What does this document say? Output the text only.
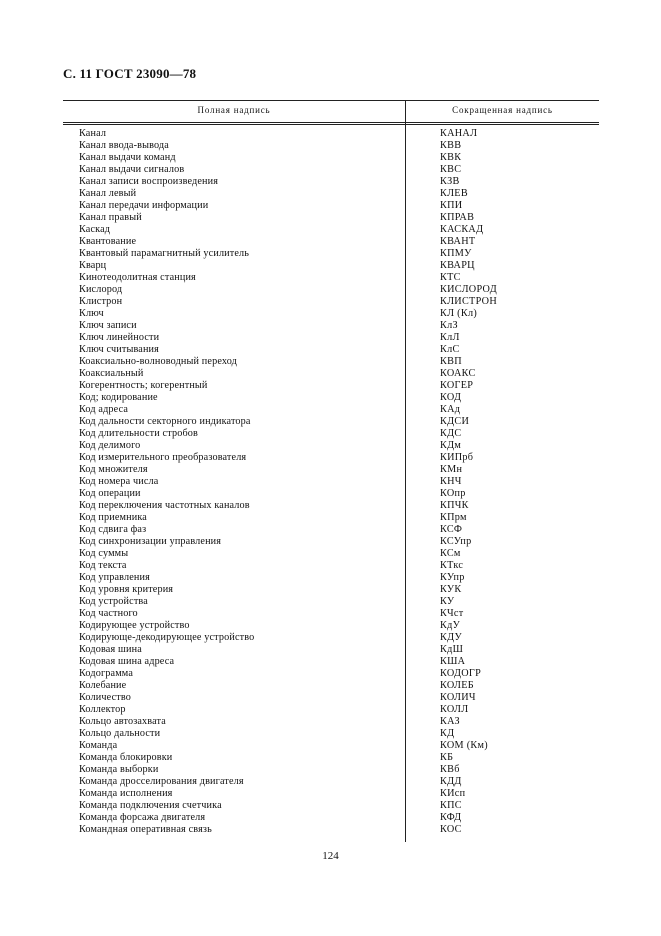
С. 11 ГОСТ 23090—78
Полная надпись	Сокращенная надпись
Канал	КАНАЛ
Канал ввода-вывода	КВВ
Канал выдачи команд	КВК
Канал выдачи сигналов	КВС
Канал записи воспроизведения	КЗВ
Канал левый	КЛЕВ
Канал передачи информации	КПИ
Канал правый	КПРАВ
Каскад	КАСКАД
Квантование	КВАНТ
Квантовый парамагнитный усилитель	КПМУ
Кварц	КВАРЦ
Кинотеодолитная станция	КТС
Кислород	КИСЛОРОД
Клистрон	КЛИСТРОН
Ключ	КЛ (Кл)
Ключ записи	КлЗ
Ключ линейности	КлЛ
Ключ считывания	КлС
Коаксиально-волноводный переход	КВП
Коаксиальный	КОАКС
Когерентность; когерентный	КОГЕР
Код; кодирование	КОД
Код адреса	КАд
Код дальности секторного индикатора	КДСИ
Код длительности стробов	КДС
Код делимого	КДм
Код измерительного преобразователя	КИПрб
Код множителя	КМн
Код номера числа	КНЧ
Код операции	КОпр
Код переключения частотных каналов	КПЧК
Код приемника	КПрм
Код сдвига фаз	КСФ
Код синхронизации управления	КСУпр
Код суммы	КСм
Код текста	КТкс
Код управления	КУпр
Код уровня критерия	КУК
Код устройства	КУ
Код частного	КЧст
Кодирующее устройство	КдУ
Кодирующе-декодирующее устройство	КДУ
Кодовая шина	КдШ
Кодовая шина адреса	КША
Кодограмма	КОДОГР
Колебание	КОЛЕБ
Количество	КОЛИЧ
Коллектор	КОЛЛ
Кольцо автозахвата	КАЗ
Кольцо дальности	КД
Команда	КОМ (Км)
Команда блокировки	КБ
Команда выборки	КВб
Команда дросселирования двигателя	КДД
Команда исполнения	КИсп
Команда подключения счетчика	КПС
Команда форсажа двигателя	КФД
Командная оперативная связь	КОС
124
